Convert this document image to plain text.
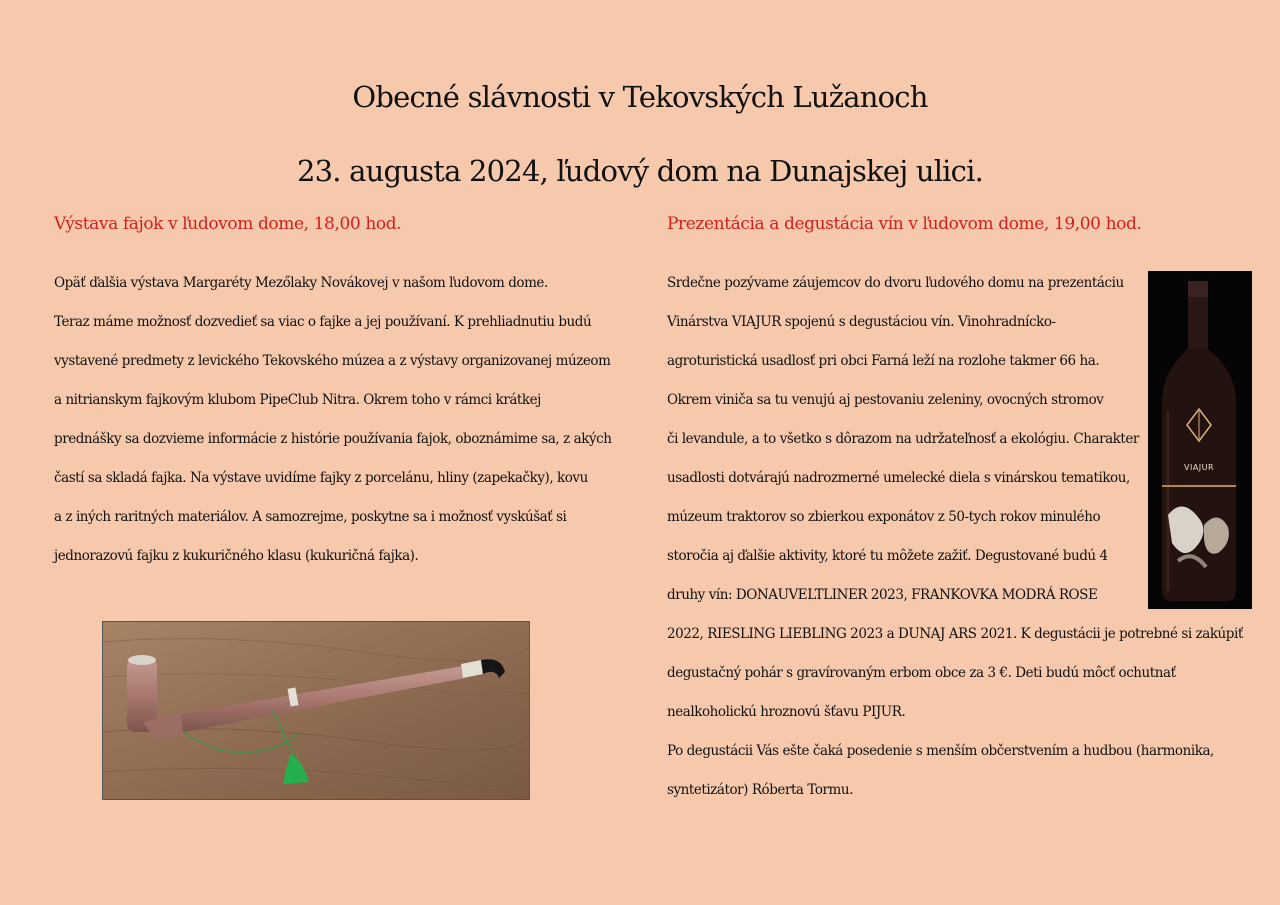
Obecné slávnosti v Tekovských Lužanoch
23. augusta 2024, ľudový dom na Dunajskej ulici.
Výstava fajok v ľudovom dome, 18,00 hod.	Prezentácia a degustácia vín v ľudovom dome, 19,00 hod.
Opäť ďalšia výstava Margaréty Mezőlaky Novákovej v našom ľudovom dome.
Teraz máme možnosť dozvedieť sa viac o fajke a jej používaní. K prehliadnutiu budú
vystavené predmety z levického Tekovského múzea a z výstavy organizovanej múzeom
a nitrianskym fajkovým klubom PipeClub Nitra. Okrem toho v rámci krátkej
prednášky sa dozvieme informácie z histórie používania fajok, oboznámime sa, z akých
častí sa skladá fajka. Na výstave uvidíme fajky z porcelánu, hliny (zapekačky), kovu
a z iných raritných materiálov. A samozrejme, poskytne sa i možnosť vyskúšať si
jednorazovú fajku z kukuričného klasu (kukuričná fajka).
Srdečne pozývame záujemcov do dvoru ľudového domu na prezentáciu
Vinárstva VIAJUR spojenú s degustáciou vín. Vinohradnícko-
agroturistická usadlosť pri obci Farná leží na rozlohe takmer 66 ha.
Okrem viniča sa tu venujú aj pestovaniu zeleniny, ovocných stromov
či levandule, a to všetko s dôrazom na udržateľnosť a ekológiu. Charakter
usadlosti dotvárajú nadrozmerné umelecké diela s vinárskou tematikou,
múzeum traktorov so zbierkou exponátov z 50-tych rokov minulého
storočia aj ďalšie aktivity, ktoré tu môžete zažiť. Degustované budú 4
druhy vín: DONAUVELTLINER 2023, FRANKOVKA MODRÁ ROSE
2022, RIESLING LIEBLING 2023 a DUNAJ ARS 2021. K degustácii je potrebné si zakúpiť
degustačný pohár s gravírovaným erbom obce za 3 €. Deti budú môcť ochutnať
nealkoholickú hroznovú šťavu PIJUR.
Po degustácii Vás ešte čaká posedenie s menším občerstvením a hudbou (harmonika,
syntetizátor) Róberta Tormu.
VIAJUR
